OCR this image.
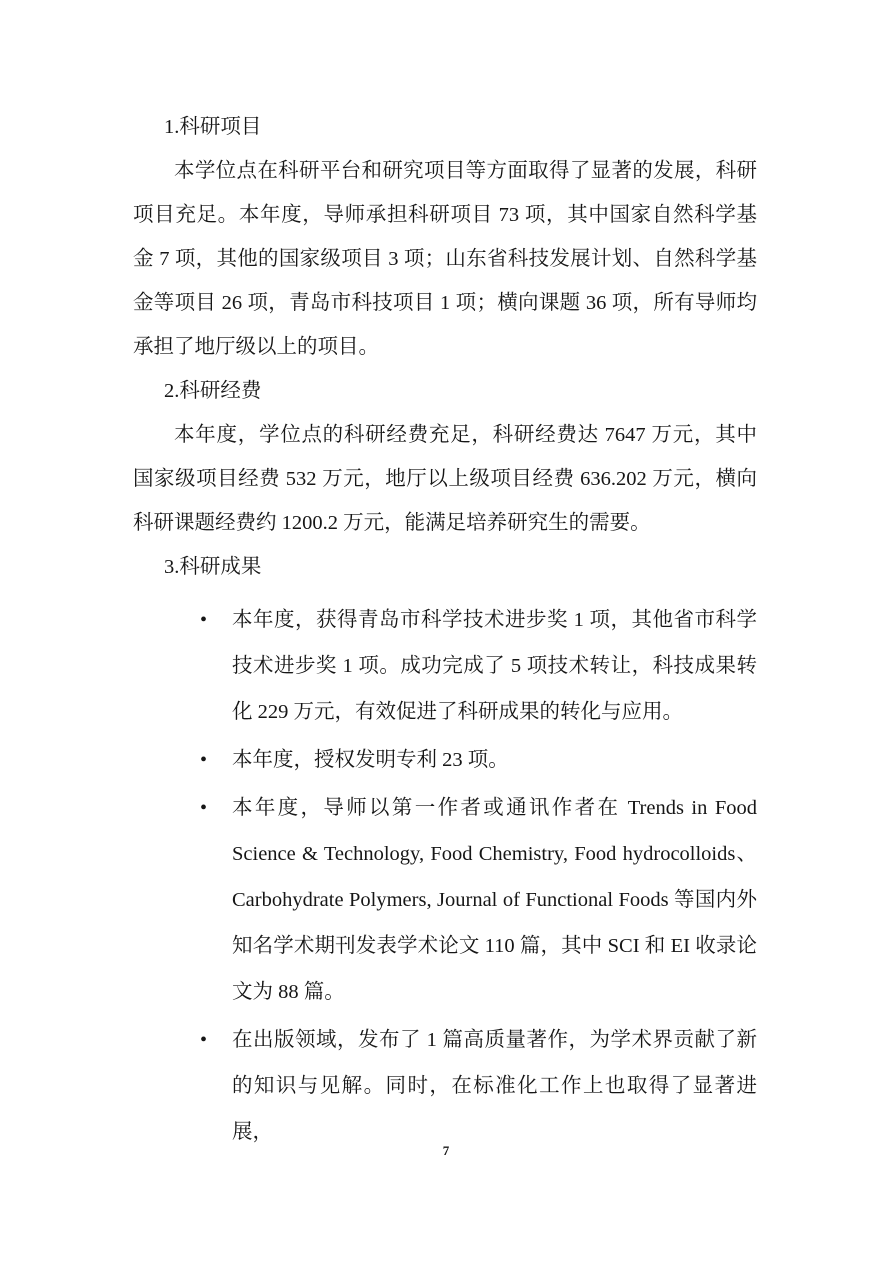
1.科研项目

本学位点在科研平台和研究项目等方面取得了显著的发展，科研项目充足。本年度，导师承担科研项目 73 项，其中国家自然科学基金 7 项，其他的国家级项目 3 项；山东省科技发展计划、自然科学基金等项目 26 项，青岛市科技项目 1 项；横向课题 36 项，所有导师均承担了地厅级以上的项目。

2.科研经费

本年度，学位点的科研经费充足，科研经费达 7647 万元，其中国家级项目经费 532 万元，地厅以上级项目经费 636.202 万元，横向科研课题经费约 1200.2 万元，能满足培养研究生的需要。

3.科研成果
• 本年度，获得青岛市科学技术进步奖 1 项，其他省市科学技术进步奖 1 项。成功完成了 5 项技术转让，科技成果转化 229 万元，有效促进了科研成果的转化与应用。
• 本年度，授权发明专利 23 项。
• 本年度，导师以第一作者或通讯作者在 Trends in Food Science & Technology, Food Chemistry, Food hydrocolloids、Carbohydrate Polymers, Journal of Functional Foods 等国内外知名学术期刊发表学术论文 110 篇，其中 SCI 和 EI 收录论文为 88 篇。
• 在出版领域，发布了 1 篇高质量著作，为学术界贡献了新的知识与见解。同时，在标准化工作上也取得了显著进展，
7
